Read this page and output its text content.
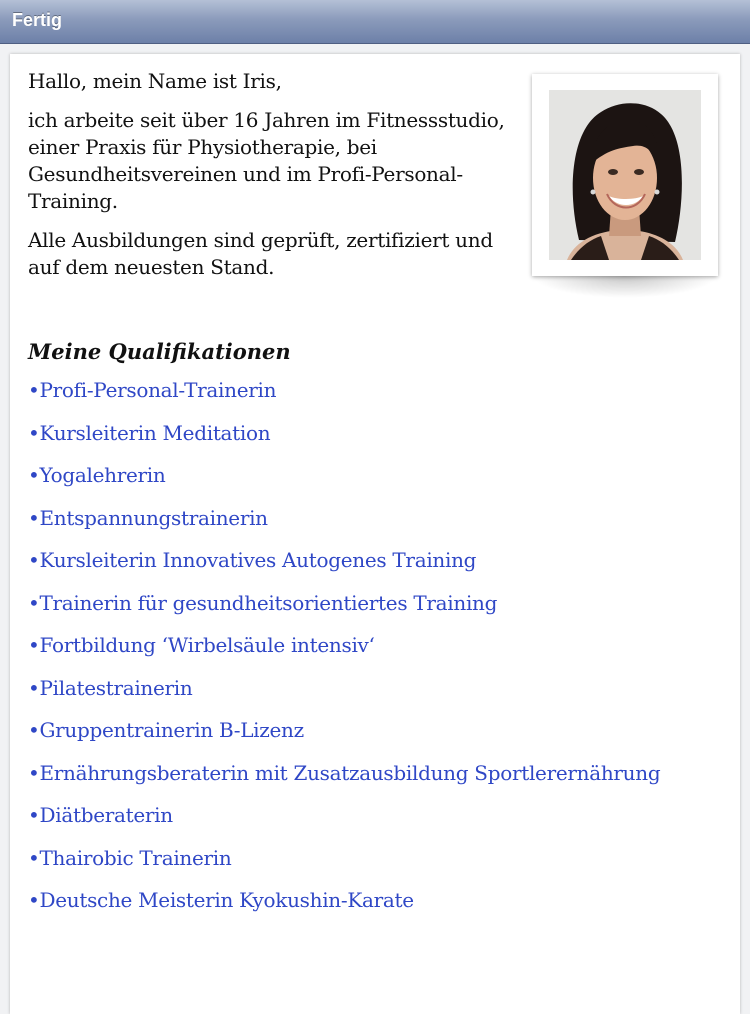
Fertig

Hallo, mein Name ist Iris,

ich arbeite seit über 16 Jahren im Fitnessstudio, einer Praxis für Physiotherapie, bei Gesundheitsvereinen und im Profi-Personal-Training.

Alle Ausbildungen sind geprüft, zertifiziert und auf dem neuesten Stand.

Meine Qualifikationen
•Profi-Personal-Trainerin
•Kursleiterin Meditation
•Yogalehrerin
•Entspannungstrainerin
•Kursleiterin Innovatives Autogenes Training
•Trainerin für gesundheitsorientiertes Training
•Fortbildung ‘Wirbelsäule intensiv‘
•Pilatestrainerin
•Gruppentrainerin B-Lizenz
•Ernährungsberaterin mit Zusatzausbildung Sportlerernährung
•Diätberaterin
•Thairobic Trainerin
•Deutsche Meisterin Kyokushin-Karate
